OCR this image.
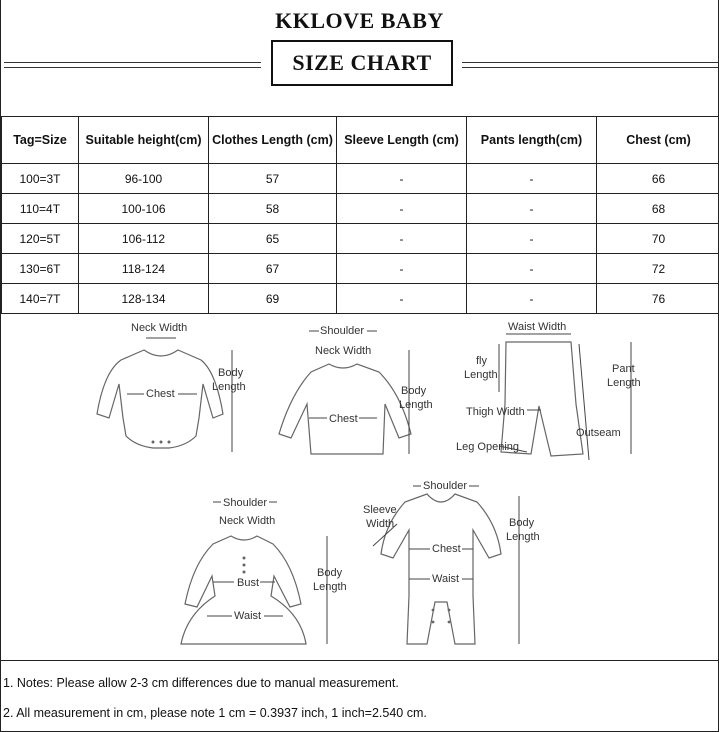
KKLOVE BABY
SIZE CHART
Tag=Size	Suitable height(cm)	Clothes Length (cm)	Sleeve Length (cm)	Pants length(cm)	Chest (cm)
100=3T	96-100	57	-	-	66
110=4T	100-106	58	-	-	68
120=5T	106-112	65	-	-	70
130=6T	118-124	67	-	-	72
140=7T	128-134	69	-	-	76
Neck Width
Chest
Body
Length
Shoulder
Neck Width
Chest
Body
Length
Waist Width
fly
Length	Pant
Length
Thigh Width
Outseam
Leg Opening
Shoulder
Neck Width
Bust
Waist
Body
Length
Shoulder
Sleeve
Width
Chest
Waist
Body
Length
1. Notes: Please allow 2-3 cm differences due to manual measurement.
2. All measurement in cm, please note 1 cm = 0.3937 inch, 1 inch=2.540 cm.
